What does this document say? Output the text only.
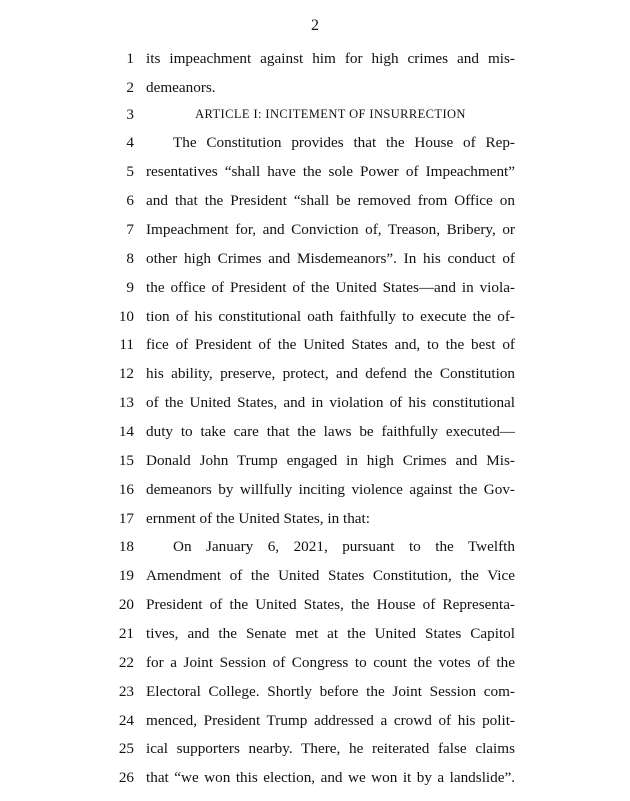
2
1 its impeachment against him for high crimes and mis-
2 demeanors.
3	ARTICLE I: INCITEMENT OF INSURRECTION
4	The Constitution provides that the House of Rep-
5 resentatives “shall have the sole Power of Impeachment”
6 and that the President “shall be removed from Office on
7 Impeachment for, and Conviction of, Treason, Bribery, or
8 other high Crimes and Misdemeanors”. In his conduct of
9 the office of President of the United States—and in viola-
10 tion of his constitutional oath faithfully to execute the of-
11 fice of President of the United States and, to the best of
12 his ability, preserve, protect, and defend the Constitution
13 of the United States, and in violation of his constitutional
14 duty to take care that the laws be faithfully executed—
15 Donald John Trump engaged in high Crimes and Mis-
16 demeanors by willfully inciting violence against the Gov-
17 ernment of the United States, in that:
18	On January 6, 2021, pursuant to the Twelfth
19 Amendment of the United States Constitution, the Vice
20 President of the United States, the House of Representa-
21 tives, and the Senate met at the United States Capitol
22 for a Joint Session of Congress to count the votes of the
23 Electoral College. Shortly before the Joint Session com-
24 menced, President Trump addressed a crowd of his polit-
25 ical supporters nearby. There, he reiterated false claims
26 that “we won this election, and we won it by a landslide”.
